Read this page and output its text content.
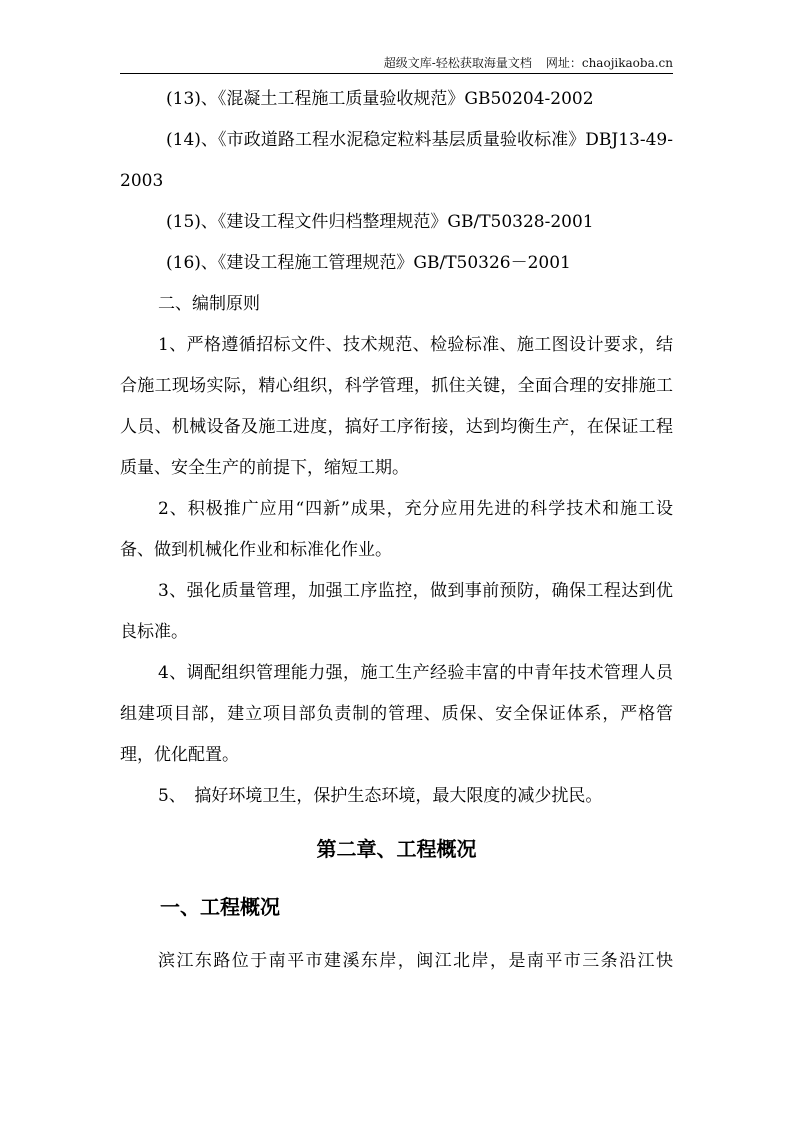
超级文库-轻松获取海量文档 网址：chaojikaoba.cn

(13)、《混凝土工程施工质量验收规范》GB50204-2002

(14)、《市政道路工程水泥稳定粒料基层质量验收标准》DBJ13-49-2003

(15)、《建设工程文件归档整理规范》GB/T50328-2001

(16)、《建设工程施工管理规范》GB/T50326－2001

二、编制原则

1、严格遵循招标文件、技术规范、检验标准、施工图设计要求，结合施工现场实际，精心组织，科学管理，抓住关键，全面合理的安排施工人员、机械设备及施工进度，搞好工序衔接，达到均衡生产，在保证工程质量、安全生产的前提下，缩短工期。

2、积极推广应用“四新”成果，充分应用先进的科学技术和施工设备、做到机械化作业和标准化作业。

3、强化质量管理，加强工序监控，做到事前预防，确保工程达到优良标准。

4、调配组织管理能力强，施工生产经验丰富的中青年技术管理人员组建项目部，建立项目部负责制的管理、质保、安全保证体系，严格管理，优化配置。

5、　搞好环境卫生，保护生态环境，最大限度的减少扰民。

第二章、工程概况
一、工程概况

滨江东路位于南平市建溪东岸，闽江北岸，是南平市三条沿江快
